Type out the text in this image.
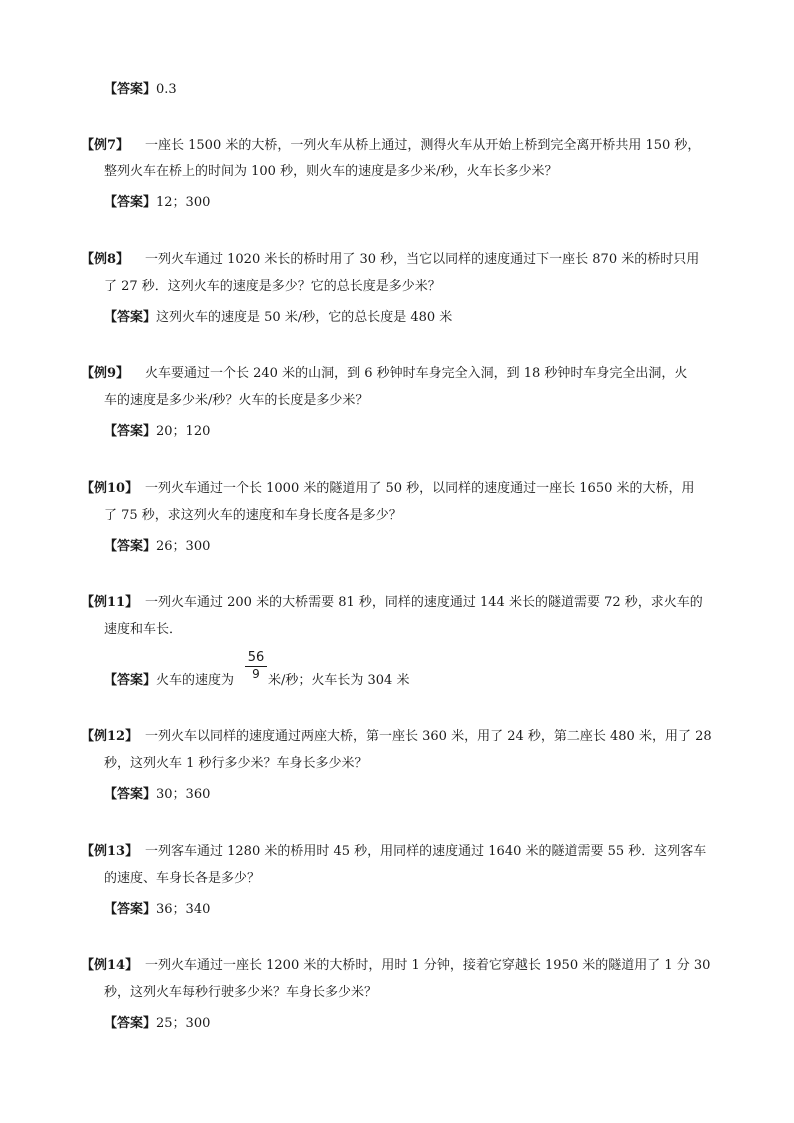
【答案】0.3
【例7】 一座长 1500 米的大桥，一列火车从桥上通过，测得火车从开始上桥到完全离开桥共用 150 秒，
整列火车在桥上的时间为 100 秒，则火车的速度是多少米/秒，火车长多少米？
【答案】12；300
【例8】 一列火车通过 1020 米长的桥时用了 30 秒，当它以同样的速度通过下一座长 870 米的桥时只用
了 27 秒．这列火车的速度是多少？它的总长度是多少米？
【答案】这列火车的速度是 50 米/秒，它的总长度是 480 米
【例9】 火车要通过一个长 240 米的山洞，到 6 秒钟时车身完全入洞，到 18 秒钟时车身完全出洞，火
车的速度是多少米/秒？火车的长度是多少米？
【答案】20；120
【例10】 一列火车通过一个长 1000 米的隧道用了 50 秒，以同样的速度通过一座长 1650 米的大桥，用
了 75 秒，求这列火车的速度和车身长度各是多少？
【答案】26；300
【例11】 一列火车通过 200 米的大桥需要 81 秒，同样的速度通过 144 米长的隧道需要 72 秒，求火车的
速度和车长．
【答案】火车的速度为
56
9 米/秒；火车长为 304 米
【例12】 一列火车以同样的速度通过两座大桥，第一座长 360 米，用了 24 秒，第二座长 480 米，用了 28
秒，这列火车 1 秒行多少米？车身长多少米？
【答案】30；360
【例13】 一列客车通过 1280 米的桥用时 45 秒，用同样的速度通过 1640 米的隧道需要 55 秒．这列客车
的速度、车身长各是多少？
【答案】36；340
【例14】 一列火车通过一座长 1200 米的大桥时，用时 1 分钟，接着它穿越长 1950 米的隧道用了 1 分 30
秒，这列火车每秒行驶多少米？车身长多少米？
【答案】25；300
